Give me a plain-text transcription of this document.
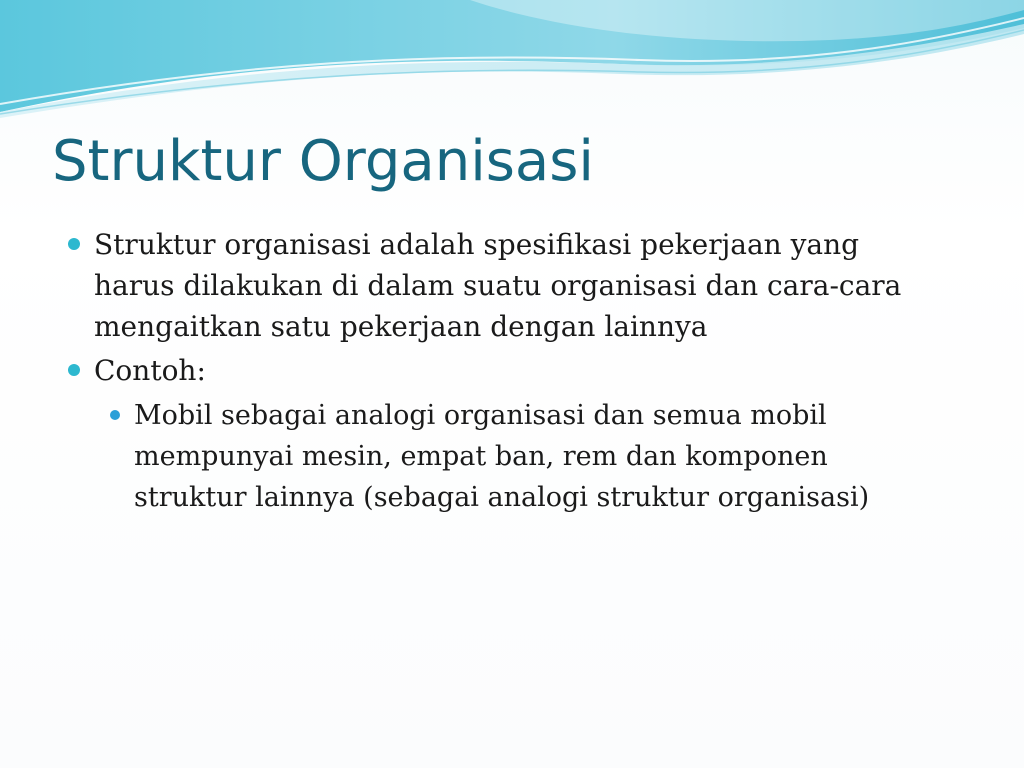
Struktur Organisasi
Struktur organisasi adalah spesifikasi pekerjaan yang harus dilakukan di dalam suatu organisasi dan cara-cara mengaitkan satu pekerjaan dengan lainnya
Contoh:
Mobil sebagai analogi organisasi dan semua mobil mempunyai mesin, empat ban, rem dan komponen struktur lainnya (sebagai analogi struktur organisasi)
